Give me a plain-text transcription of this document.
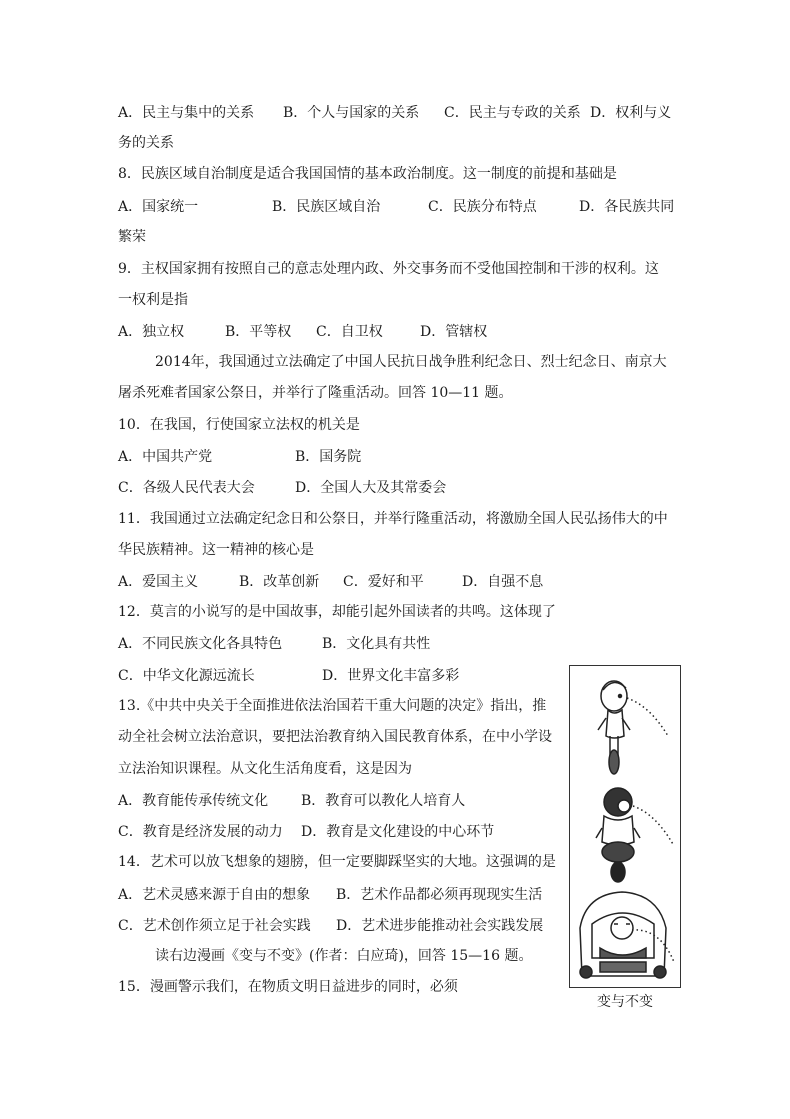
A．民主与集中的关系 B．个人与国家的关系 C．民主与专政的关系 D．权利与义
务的关系
8．民族区域自治制度是适合我国国情的基本政治制度。这一制度的前提和基础是
A．国家统一	B．民族区域自治	C．民族分布特点	D．各民族共同
繁荣
9．主权国家拥有按照自己的意志处理内政、外交事务而不受他国控制和干涉的权利。这
一权利是指
A．独立权	B．平等权 C．自卫权	D．管辖权
2014年，我国通过立法确定了中国人民抗日战争胜利纪念日、烈士纪念日、南京大
屠杀死难者国家公祭日，并举行了隆重活动。回答 10—11 题。
10．在我国，行使国家立法权的机关是
A．中国共产党	B．国务院
C．各级人民代表大会	D．全国人大及其常委会
11．我国通过立法确定纪念日和公祭日，并举行隆重活动，将激励全国人民弘扬伟大的中
华民族精神。这一精神的核心是
A．爱国主义	B．改革创新 C．爱好和平	D．自强不息
12．莫言的小说写的是中国故事，却能引起外国读者的共鸣。这体现了
A．不同民族文化各具特色	B．文化具有共性
C．中华文化源远流长	D．世界文化丰富多彩
13.《中共中央关于全面推进依法治国若干重大问题的决定》指出，推
动全社会树立法治意识，要把法治教育纳入国民教育体系，在中小学设
立法治知识课程。从文化生活角度看，这是因为
A．教育能传承传统文化 B．教育可以教化人培育人
C．教育是经济发展的动力 D．教育是文化建设的中心环节
14．艺术可以放飞想象的翅膀，但一定要脚踩坚实的大地。这强调的是
A．艺术灵感来源于自由的想象 B．艺术作品都必须再现现实生活
C．艺术创作须立足于社会实践 D．艺术进步能推动社会实践发展
读右边漫画《变与不变》(作者：白应琦)，回答 15—16 题。
15．漫画警示我们，在物质文明日益进步的同时，必须
变与不变
